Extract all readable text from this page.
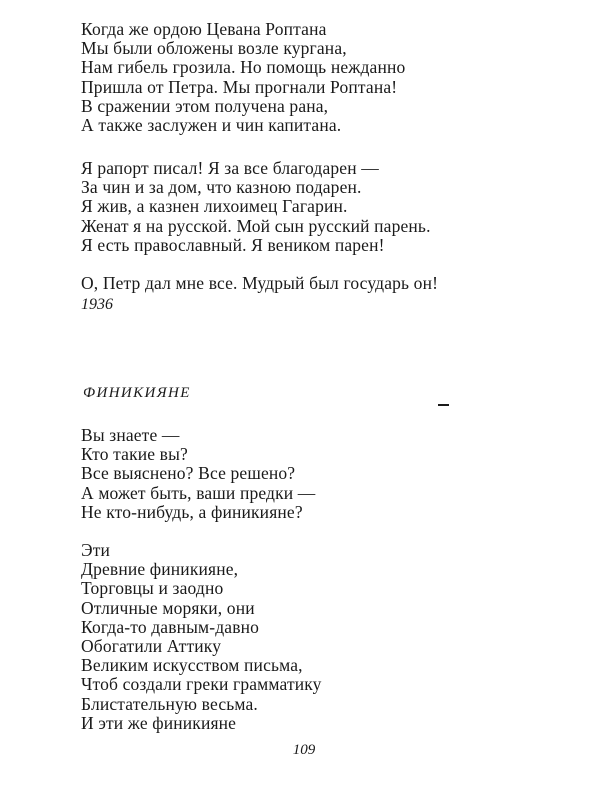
Когда же ордою Цевана Роптана
Мы были обложены возле кургана,
Нам гибель грозила. Но помощь нежданно
Пришла от Петра. Мы прогнали Роптана!
В сражении этом получена рана,
А также заслужен и чин капитана.
Я рапорт писал! Я за все благодарен —
За чин и за дом, что казною подарен.
Я жив, а казнен лихоимец Гагарин.
Женат я на русской. Мой сын русский парень.
Я есть православный. Я веником парен!
О, Петр дал мне все. Мудрый был государь он!
1936
ФИНИКИЯНЕ
Вы знаете —
Кто такие вы?
Все выяснено? Все решено?
А может быть, ваши предки —
Не кто-нибудь, а финикияне?
Эти
Древние финикияне,
Торговцы и заодно
Отличные моряки, они
Когда-то давным-давно
Обогатили Аттику
Великим искусством письма,
Чтоб создали греки грамматику
Блистательную весьма.
И эти же финикияне
109
